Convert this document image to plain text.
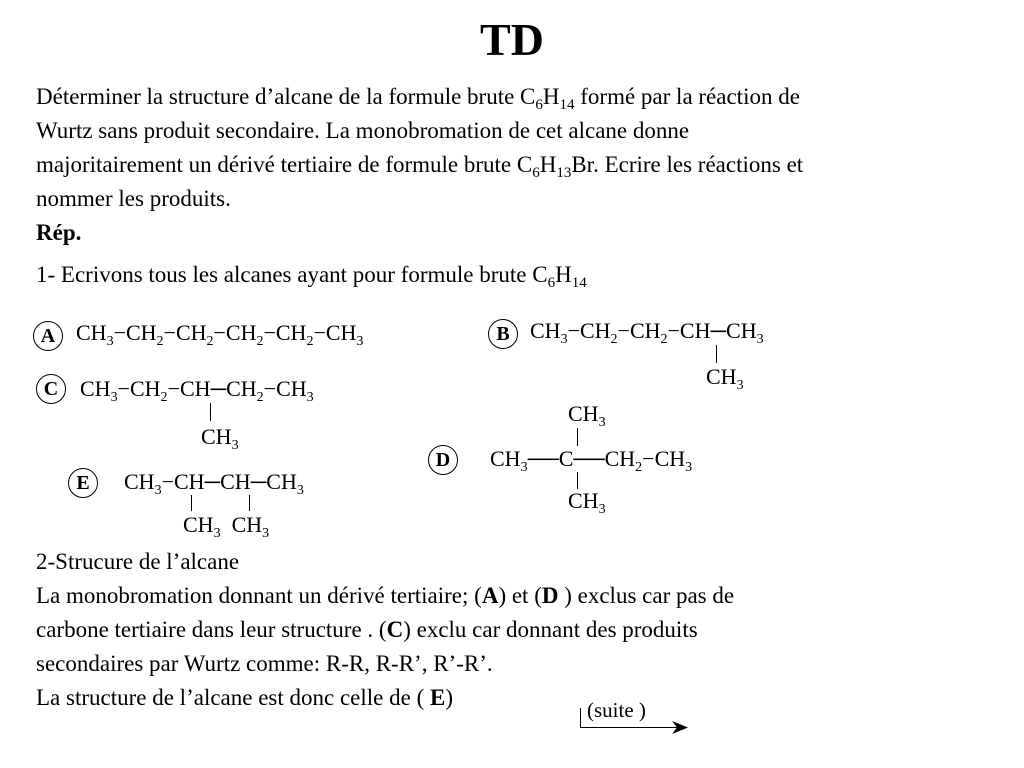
TD
Déterminer la structure d’alcane de la formule brute $C_6H_{14}$ formé par la réaction de
Wurtz sans produit secondaire. La monobromation de cet alcane donne
majoritairement un dérivé tertiaire de formule brute $C_6H_{13}Br$. Ecrire les réactions et
nommer les produits.
Rép.
1- Ecrivons tous les alcanes ayant pour formule brute $C_6H_{14}$
A $CH_3-CH_2-CH_2-CH_2-CH_2-CH_3$	B $CH_3-CH_2-CH_2-CH─CH_3$
$CH_3$
C $CH_3-CH_2-CH─CH_2-CH_3$
$CH_3$
$CH_3$
D $CH_3──C──CH_2-CH_3$
$CH_3$
E $CH_3-CH─CH─CH_3$
$CH_3$  $CH_3$
2-Strucure de l’alcane
La monobromation donnant un dérivé tertiaire; (A) et (D ) exclus car pas de
carbone tertiaire dans leur structure . (C) exclu car donnant des produits
secondaires par Wurtz comme: R-R, R-R’, R’-R’.
La structure de l’alcane est donc celle de ( E)	(suite )
